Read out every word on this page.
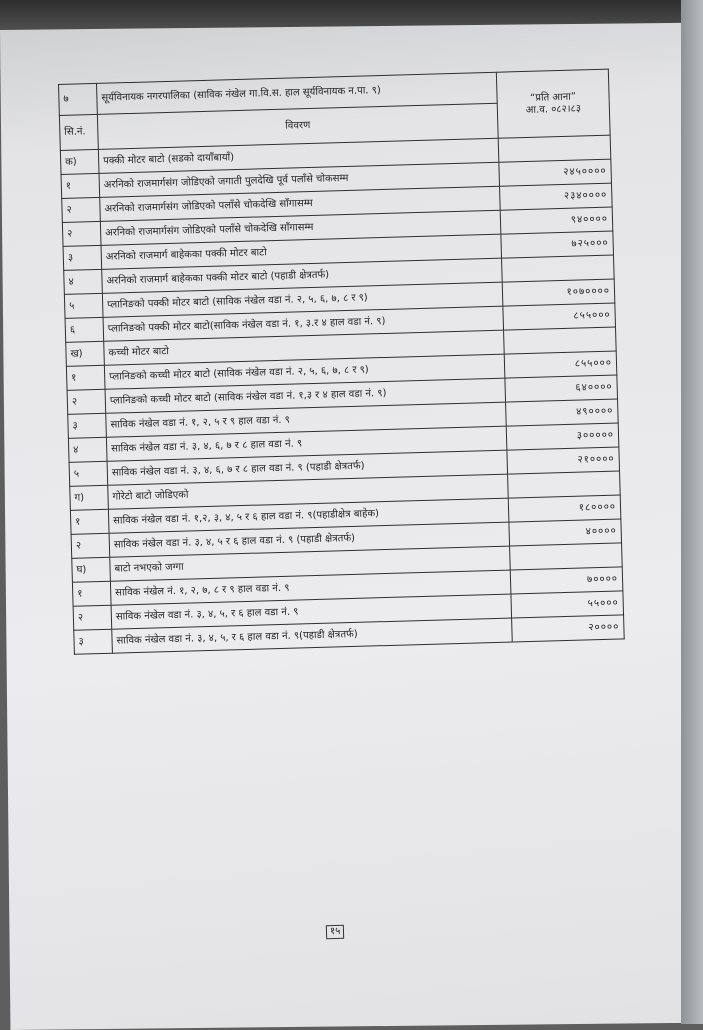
७	सूर्यविनायक नगरपालिका (साविक नंखेल गा.वि.स. हाल सूर्यविनायक न.पा. ९)	“प्रति आना”
आ.व. ०८२।८३

सि.नं.	विवरण	
क)	पक्की मोटर बाटो (सडको दायाँबायाँ)	
१	अरनिको राजमार्गसंग जोडिएको जगाती पुलदेखि पूर्व पलाँसे चोकसम्म	२४५००००
२	अरनिको राजमार्गसंग जोडिएको पलाँसे चोकदेखि साँगासम्म	२३४००००
२	अरनिको राजमार्गसंग जोडिएको पलाँसे चोकदेखि साँगासम्म	९४००००
३	अरनिको राजमार्ग बाहेकका पक्की मोटर बाटो	७२५०००
४	अरनिको राजमार्ग बाहेकका पक्की मोटर बाटो (पहाडी क्षेत्रतर्फ)	
५	प्लानिङको पक्की मोटर बाटो (साविक नंखेल वडा नं. २, ५, ६, ७, ८ र ९)	१०७००००
६	प्लानिङको पक्की मोटर बाटो(साविक नंखेल वडा नं. १, ३.र ४ हाल वडा नं. ९)	८५५०००
ख)	कच्ची मोटर बाटो	
१	प्लानिङको कच्ची मोटर बाटो (साविक नंखेल वडा नं. २, ५, ६, ७, ८ र ९)	८५५०००
२	प्लानिङको कच्ची मोटर बाटो (साविक नंखेल वडा नं. १,३ र ४ हाल वडा नं. ९)	६४००००
३	साविक नंखेल वडा नं. १, २, ५ र ९ हाल वडा नं. ९	४९००००
४	साविक नंखेल वडा नं. ३, ४, ६, ७ र ८ हाल वडा नं. ९	३०००००
५	साविक नंखेल वडा नं. ३, ४, ६, ७ र ८ हाल वडा नं. ९ (पहाडी क्षेत्रतर्फ)	२१००००
ग)	गोरेटो बाटो जोडिएको	
१	साविक नंखेल वडा नं. १,२, ३, ४, ५ र ६ हाल वडा नं. ९(पहाडीक्षेत्र बाहेक)	१८००००
२	साविक नंखेल वडा नं. ३, ४, ५ र ६ हाल वडा नं. ९ (पहाडी क्षेत्रतर्फ)	४००००
घ)	बाटो नभएको जग्गा	
१	साविक नंखेल नं. १, २, ७, ८ र ९ हाल वडा नं. ९	७००००
२	साविक नंखेल वडा नं. ३, ४, ५, र ६ हाल वडा नं. ९	५५०००
३	साविक नंखेल वडा नं. ३, ४, ५, र ६ हाल वडा नं. ९(पहाडी क्षेत्रतर्फ)	२००००
१५
